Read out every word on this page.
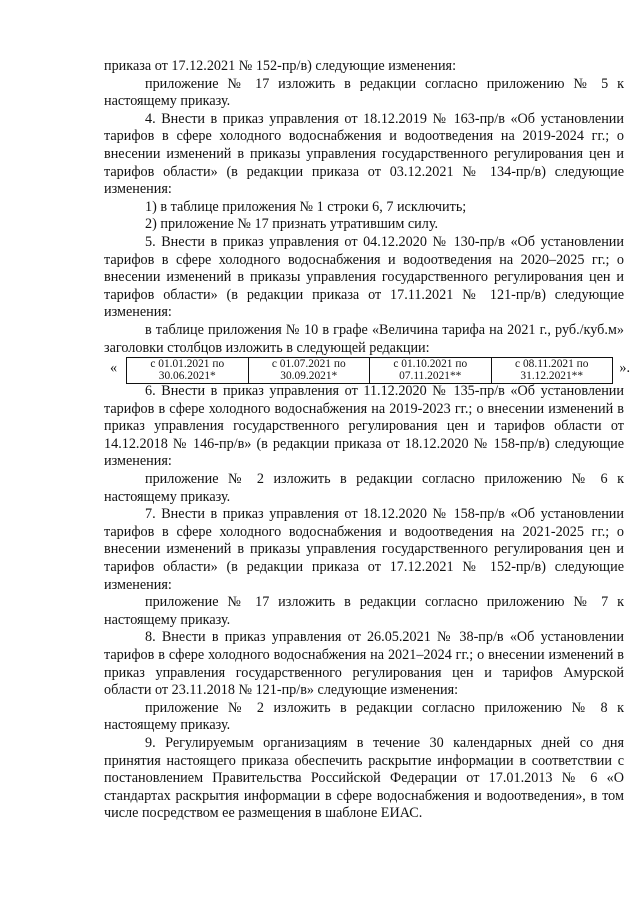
приказа от 17.12.2021 № 152-пр/в) следующие изменения:

приложение № 17 изложить в редакции согласно приложению № 5 к настоящему приказу.

4. Внести в приказ управления от 18.12.2019 № 163-пр/в «Об установлении тарифов в сфере холодного водоснабжения и водоотведения на 2019-2024 гг.; о внесении изменений в приказы управления государственного регулирования цен и тарифов области» (в редакции приказа от 03.12.2021 № 134-пр/в) следующие изменения:

1) в таблице приложения № 1 строки 6, 7 исключить;

2) приложение № 17 признать утратившим силу.

5. Внести в приказ управления от 04.12.2020 № 130-пр/в «Об установлении тарифов в сфере холодного водоснабжения и водоотведения на 2020–2025 гг.; о внесении изменений в приказы управления государственного регулирования цен и тарифов области» (в редакции приказа от 17.11.2021 № 121-пр/в) следующие изменения:

в таблице приложения № 10 в графе «Величина тарифа на 2021 г., руб./куб.м» заголовки столбцов изложить в следующей редакции:

«	с 01.01.2021 по 30.06.2021*	с 01.07.2021 по 30.09.2021*	с 01.10.2021 по 07.11.2021**	с 08.11.2021 по 31.12.2021**
».

6. Внести в приказ управления от 11.12.2020 № 135-пр/в «Об установлении тарифов в сфере холодного водоснабжения на 2019-2023 гг.; о внесении изменений в приказ управления государственного регулирования цен и тарифов области от 14.12.2018 № 146-пр/в» (в редакции приказа от 18.12.2020 № 158-пр/в) следующие изменения:

приложение № 2 изложить в редакции согласно приложению № 6 к настоящему приказу.

7. Внести в приказ управления от 18.12.2020 № 158-пр/в «Об установлении тарифов в сфере холодного водоснабжения и водоотведения на 2021-2025 гг.; о внесении изменений в приказы управления государственного регулирования цен и тарифов области» (в редакции приказа от 17.12.2021 № 152-пр/в) следующие изменения:

приложение № 17 изложить в редакции согласно приложению № 7 к настоящему приказу.

8. Внести в приказ управления от 26.05.2021 № 38-пр/в «Об установлении тарифов в сфере холодного водоснабжения на 2021–2024 гг.; о внесении изменений в приказ управления государственного регулирования цен и тарифов Амурской области от 23.11.2018 № 121-пр/в» следующие изменения:

приложение № 2 изложить в редакции согласно приложению № 8 к настоящему приказу.

9. Регулируемым организациям в течение 30 календарных дней со дня принятия настоящего приказа обеспечить раскрытие информации в соответствии с постановлением Правительства Российской Федерации от 17.01.2013 № 6 «О стандартах раскрытия информации в сфере водоснабжения и водоотведения», в том числе посредством ее размещения в шаблоне ЕИАС.
